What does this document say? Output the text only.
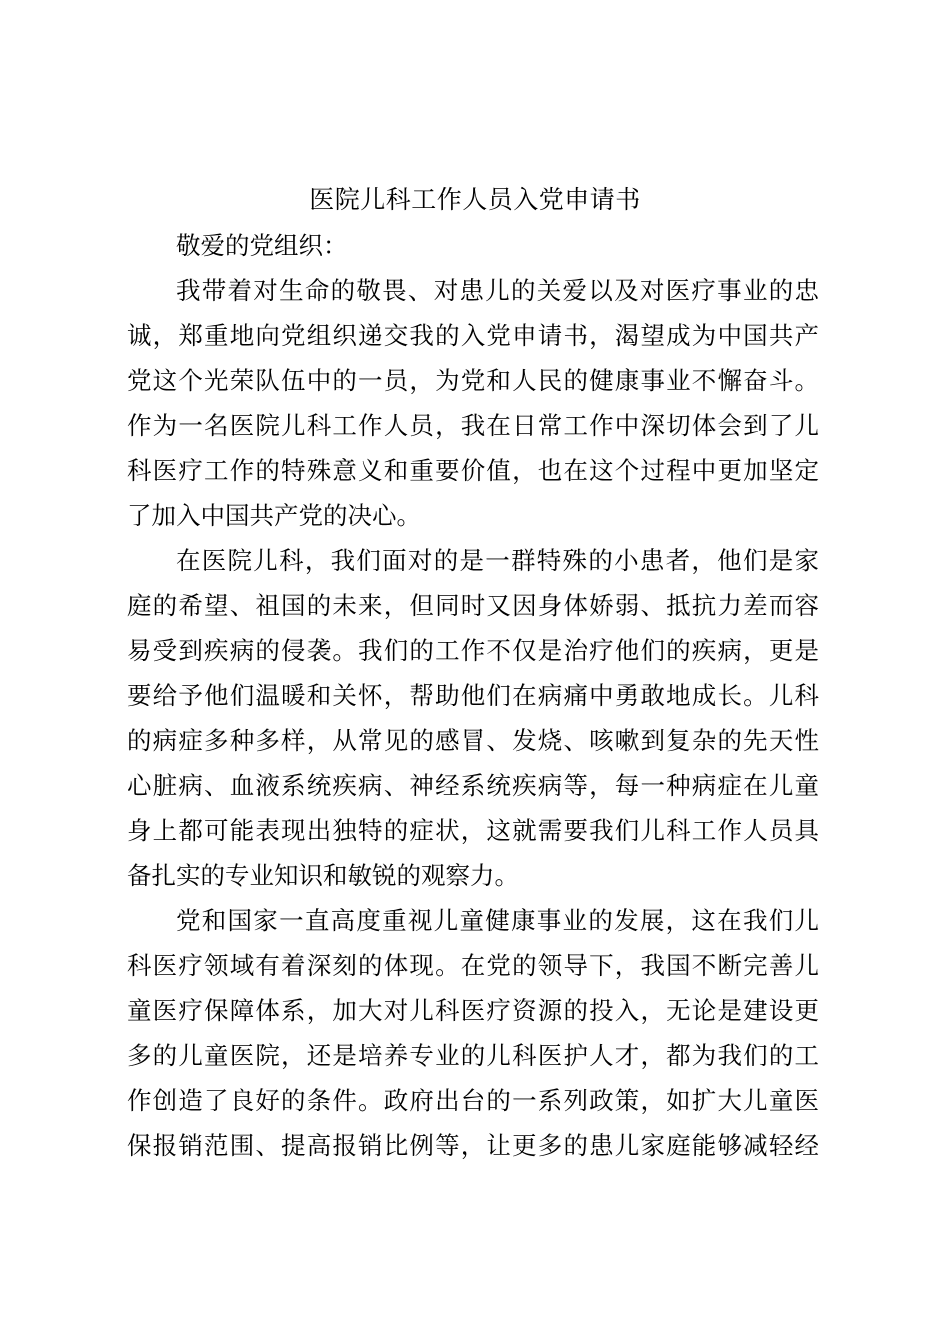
医院儿科工作人员入党申请书

敬爱的党组织：

我带着对生命的敬畏、对患儿的关爱以及对医疗事业的忠
诚，郑重地向党组织递交我的入党申请书，渴望成为中国共产
党这个光荣队伍中的一员，为党和人民的健康事业不懈奋斗。
作为一名医院儿科工作人员，我在日常工作中深切体会到了儿
科医疗工作的特殊意义和重要价值，也在这个过程中更加坚定
了加入中国共产党的决心。

在医院儿科，我们面对的是一群特殊的小患者，他们是家
庭的希望、祖国的未来，但同时又因身体娇弱、抵抗力差而容
易受到疾病的侵袭。我们的工作不仅是治疗他们的疾病，更是
要给予他们温暖和关怀，帮助他们在病痛中勇敢地成长。儿科
的病症多种多样，从常见的感冒、发烧、咳嗽到复杂的先天性
心脏病、血液系统疾病、神经系统疾病等，每一种病症在儿童
身上都可能表现出独特的症状，这就需要我们儿科工作人员具
备扎实的专业知识和敏锐的观察力。

党和国家一直高度重视儿童健康事业的发展，这在我们儿
科医疗领域有着深刻的体现。在党的领导下，我国不断完善儿
童医疗保障体系，加大对儿科医疗资源的投入，无论是建设更
多的儿童医院，还是培养专业的儿科医护人才，都为我们的工
作创造了良好的条件。政府出台的一系列政策，如扩大儿童医
保报销范围、提高报销比例等，让更多的患儿家庭能够减轻经
